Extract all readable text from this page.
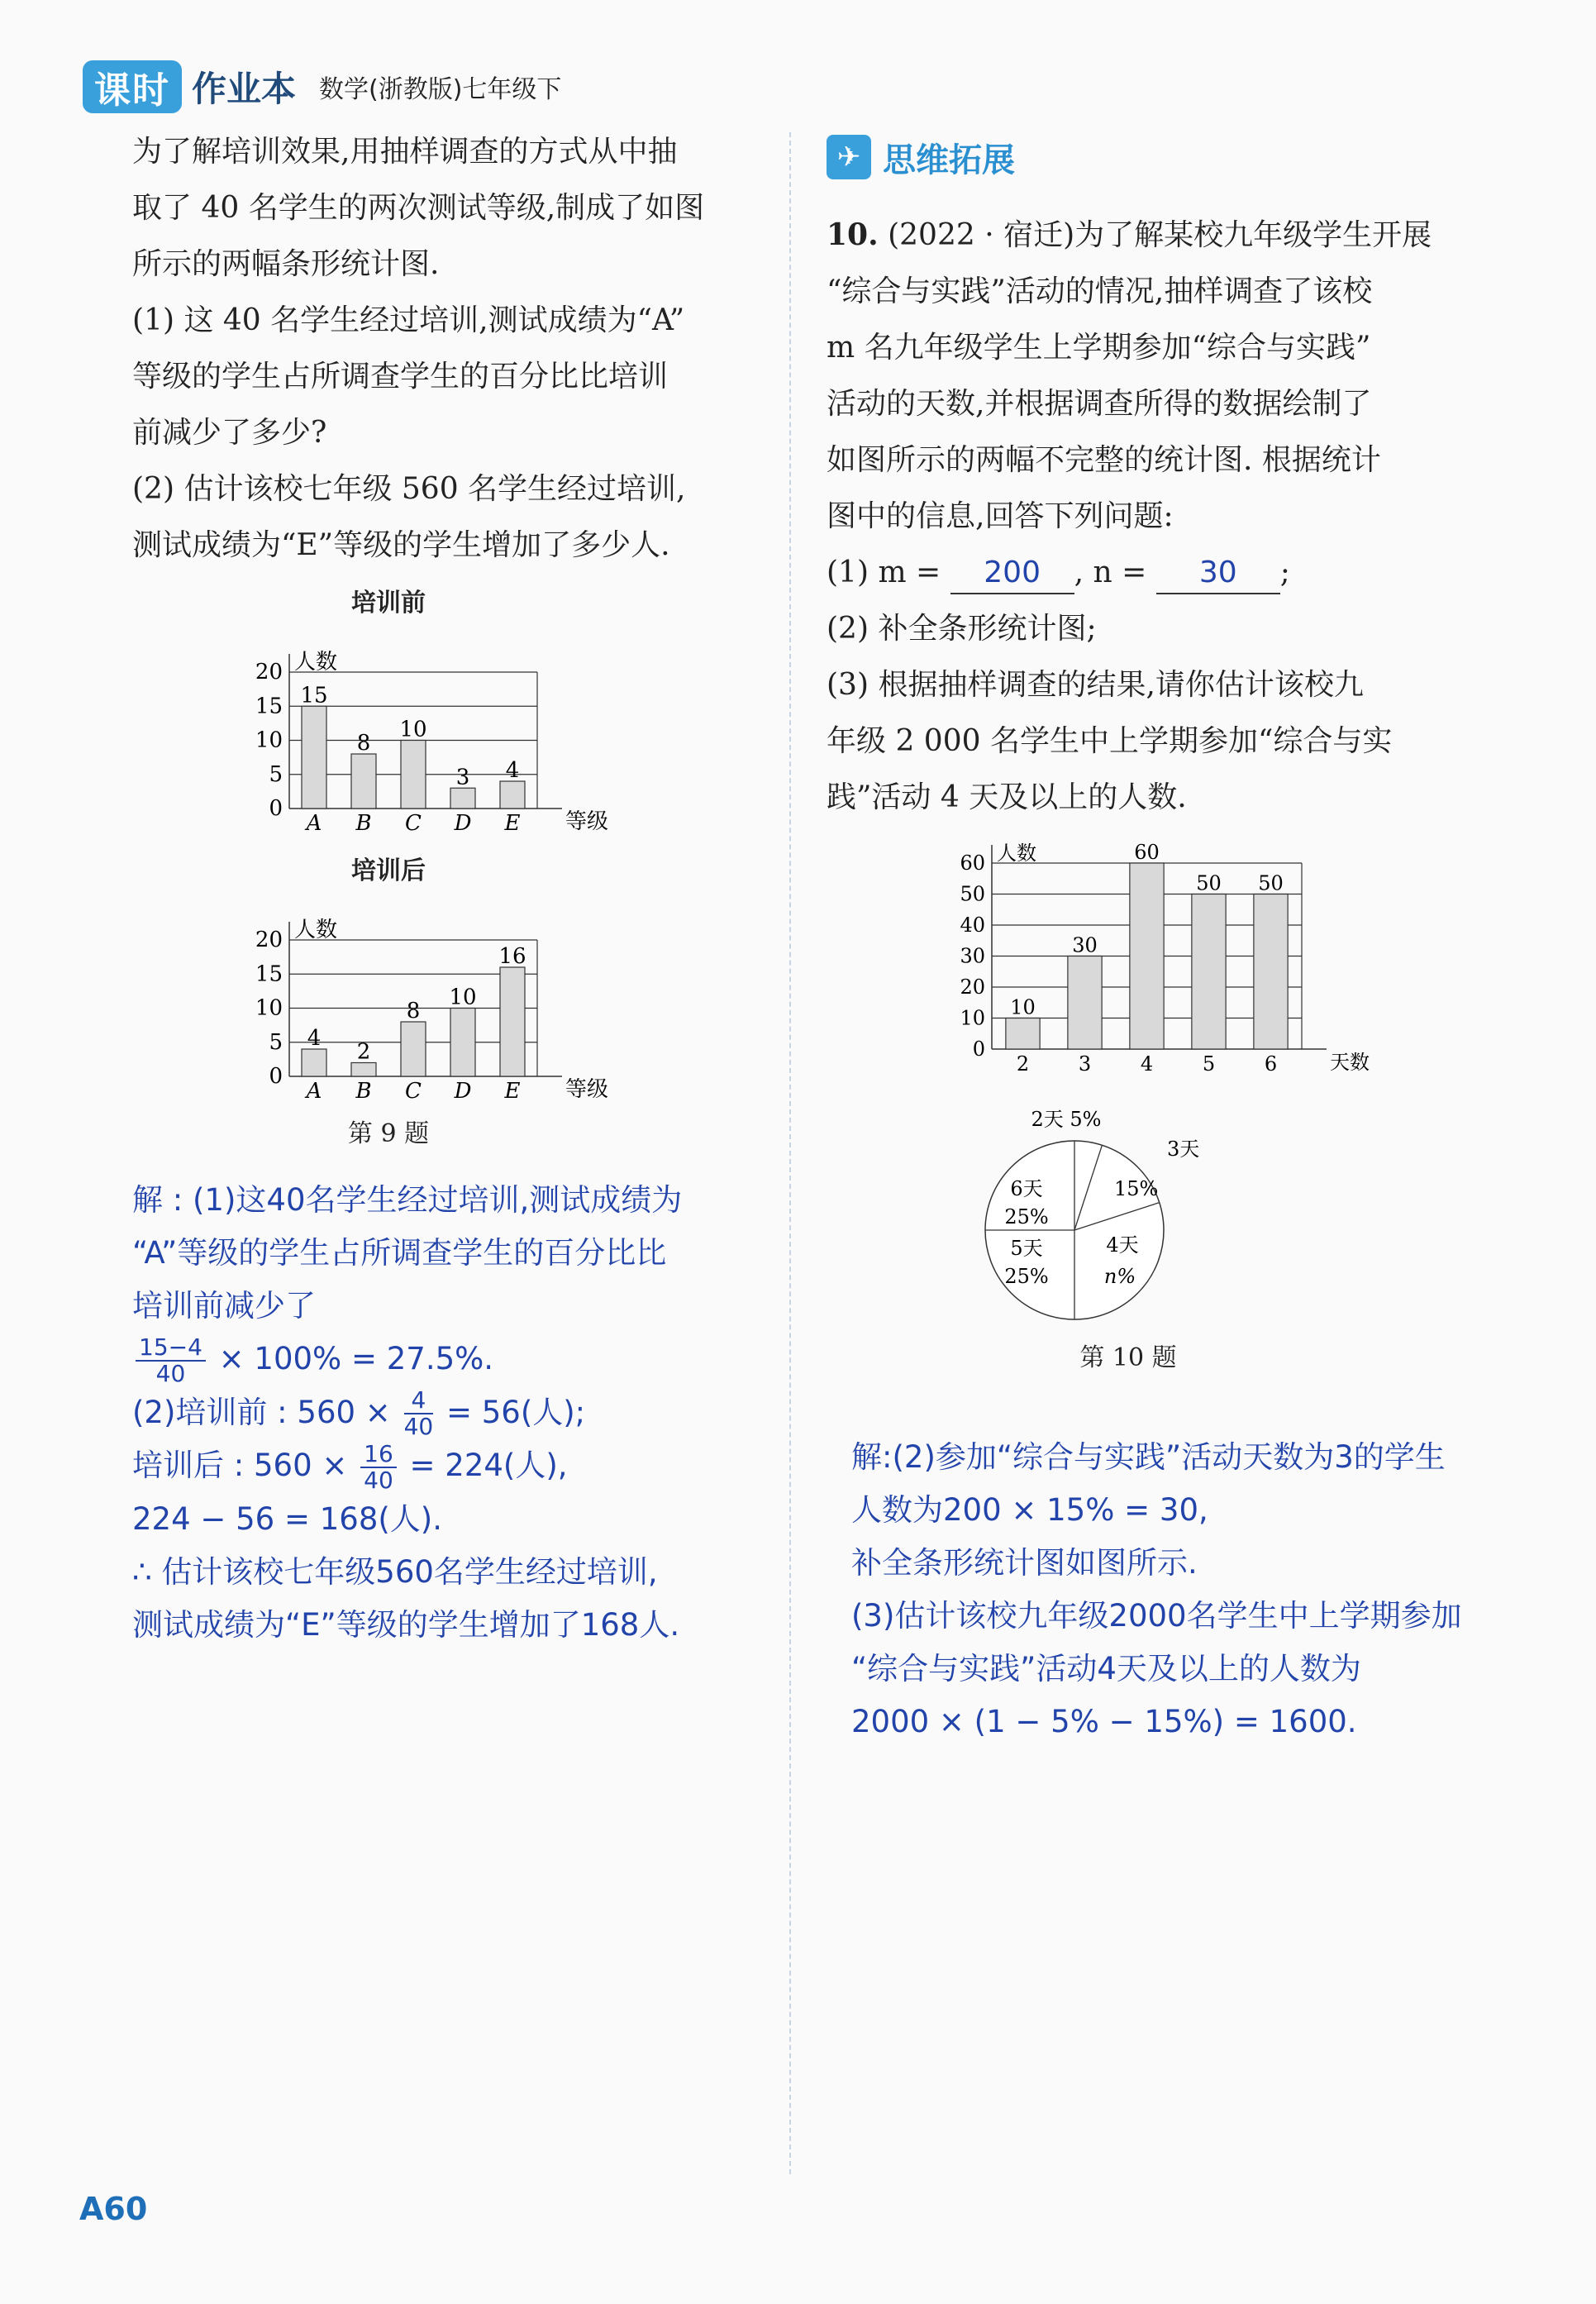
课时 作业本 数学(浙教版)七年级下

为了解培训效果,用抽样调查的方式从中抽

取了 40 名学生的两次测试等级,制成了如图

所示的两幅条形统计图.

(1) 这 40 名学生经过培训,测试成绩为“A”

等级的学生占所调查学生的百分比比培训

前减少了多少?

(2) 估计该校七年级 560 名学生经过培训,

测试成绩为“E”等级的学生增加了多少人.

培训前
0
5
10
15
20 人数
等级
15
A
8
B
10
C
3
D
4
E
培训后
0
5
10
15
20 人数
等级
4
A
2
B
8
C
10
D
16
E
第 9 题

解 : (1)这40名学生经过培训,测试成绩为

“A”等级的学生占所调查学生的百分比比

培训前减少了

$\frac{15-4}{40} \times 100\% = 27.5\%$.

(2)培训前 : $560 \times \frac{4}{40} = 56$(人);

培训后 : $560 \times \frac{16}{40} = 224$(人),

224 − 56 = 168(人).

∴ 估计该校七年级560名学生经过培训,

测试成绩为“E”等级的学生增加了168人.

✈ 思维拓展

10. (2022 · 宿迁)为了解某校九年级学生开展

“综合与实践”活动的情况,抽样调查了该校

m 名九年级学生上学期参加“综合与实践”

活动的天数,并根据调查所得的数据绘制了

如图所示的两幅不完整的统计图. 根据统计

图中的信息,回答下列问题:

(1) m = 200 , n = 30 ;

(2) 补全条形统计图;

(3) 根据抽样调查的结果,请你估计该校九

年级 2 000 名学生中上学期参加“综合与实

践”活动 4 天及以上的人数.

0
10
20
30
40
50
60 人数
天数
10
2
30
3
60
4
50
5
50
6

2天 5%
3天
15%
4天
n%
5天
25%
6天
25%
第 10 题

解:(2)参加“综合与实践”活动天数为3的学生

人数为200 × 15% = 30,

补全条形统计图如图所示.

(3)估计该校九年级2000名学生中上学期参加

“综合与实践”活动4天及以上的人数为

2000 × (1 − 5% − 15%) = 1600.

A60
